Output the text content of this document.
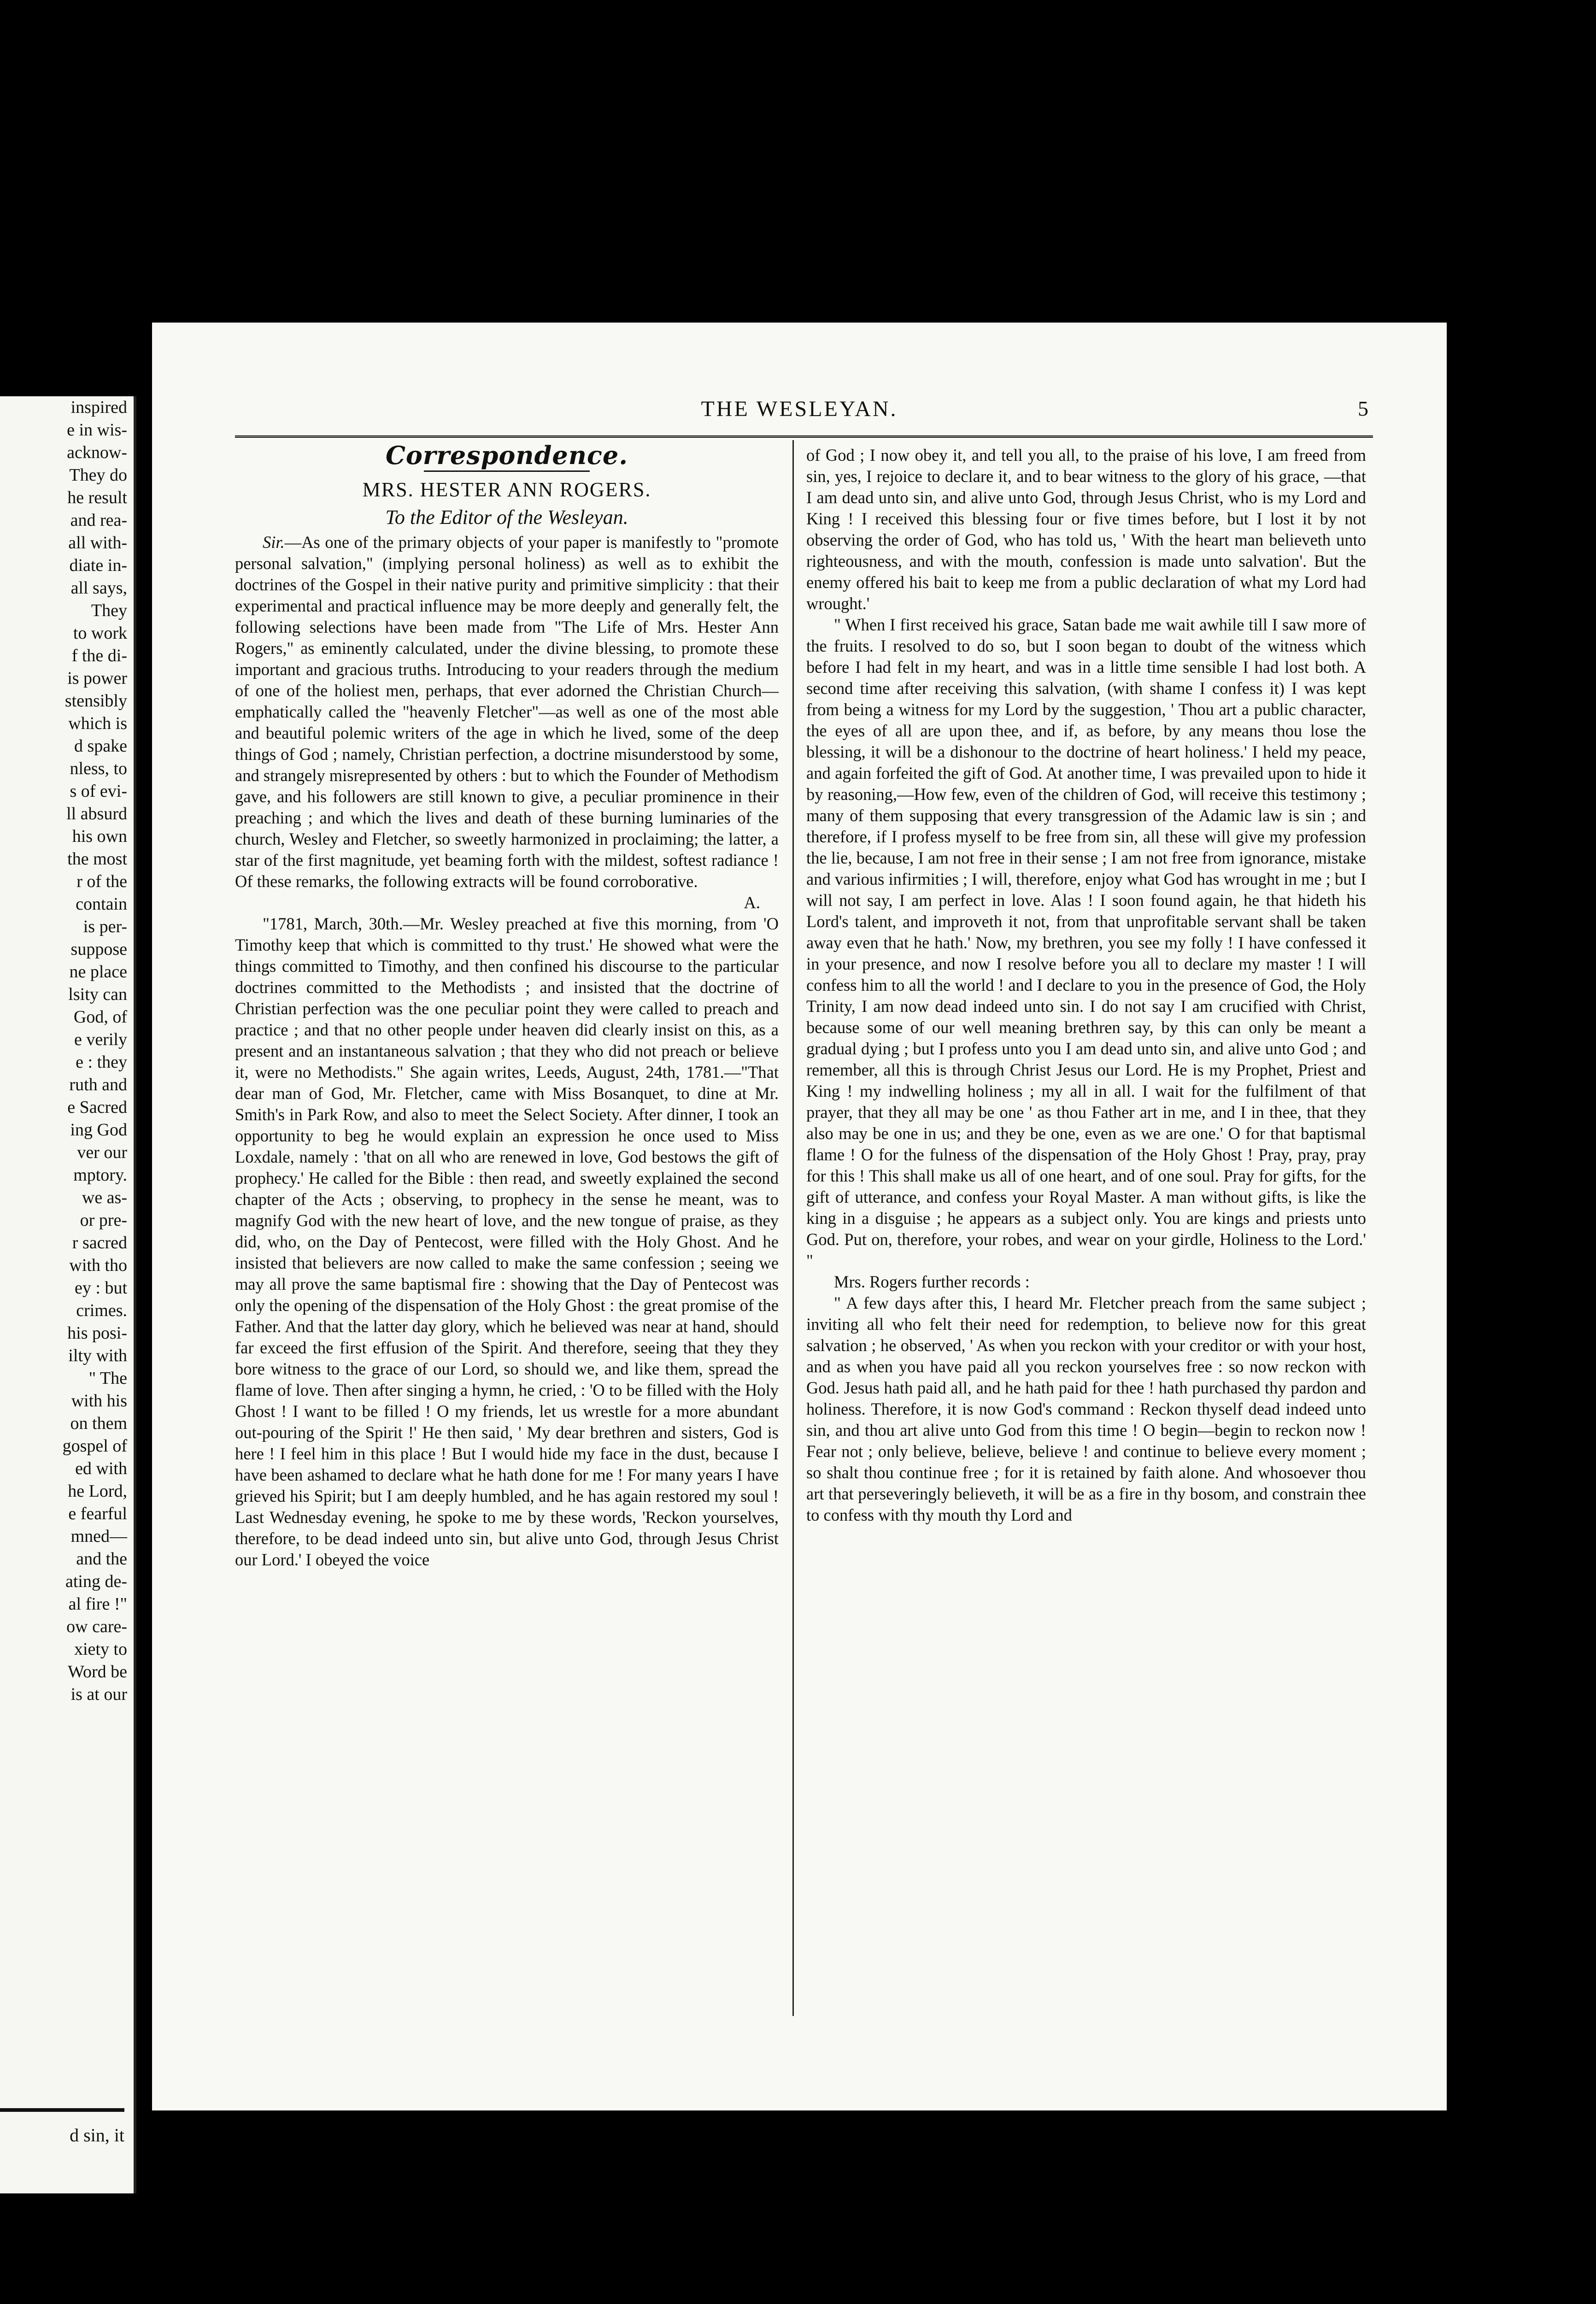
inspired
e in wis-
acknow-
They do
he result
and rea-
all with-
diate in-
all says,
They
to work
f the di-
is power
stensibly
which is
d spake
nless, to
s of evi-
ll absurd
his own
the most
r of the
contain
is per-
suppose
ne place
lsity can
God, of
e verily
e : they
ruth and
e Sacred
ing God
ver our
mptory.
we as-
or pre-
r sacred
with tho
ey : but
crimes.
his posi-
ilty with
" The
with his
on them
gospel of
ed with
he Lord,
e fearful
mned—
and the
ating de-
al fire !"
ow care-
xiety to
Word be
is at our
d sin, it
THE WESLEYAN.	5
Correspondence.
MRS. HESTER ANN ROGERS.
To the Editor of the Wesleyan.

Sir.—As one of the primary objects of your paper is manifestly to "promote personal salvation," (implying personal holiness) as well as to exhibit the doctrines of the Gospel in their native purity and primitive simplicity : that their experimental and practical influence may be more deeply and generally felt, the following selections have been made from "The Life of Mrs. Hester Ann Rogers," as eminently calculated, under the divine blessing, to promote these important and gracious truths. Introducing to your readers through the medium of one of the holiest men, perhaps, that ever adorned the Christian Church—emphatically called the "heavenly Fletcher"—as well as one of the most able and beautiful polemic writers of the age in which he lived, some of the deep things of God ; namely, Christian perfection, a doctrine misunderstood by some, and strangely misrepresented by others : but to which the Founder of Methodism gave, and his followers are still known to give, a peculiar prominence in their preaching ; and which the lives and death of these burning luminaries of the church, Wesley and Fletcher, so sweetly harmonized in proclaiming; the latter, a star of the first magnitude, yet beaming forth with the mildest, softest radiance ! Of these remarks, the following extracts will be found corroborative.

A.

"1781, March, 30th.—Mr. Wesley preached at five this morning, from 'O Timothy keep that which is committed to thy trust.' He showed what were the things committed to Timothy, and then confined his discourse to the particular doctrines committed to the Methodists ; and insisted that the doctrine of Christian perfection was the one peculiar point they were called to preach and practice ; and that no other people under heaven did clearly insist on this, as a present and an instantaneous salvation ; that they who did not preach or believe it, were no Methodists." She again writes, Leeds, August, 24th, 1781.—"That dear man of God, Mr. Fletcher, came with Miss Bosanquet, to dine at Mr. Smith's in Park Row, and also to meet the Select Society. After dinner, I took an opportunity to beg he would explain an expression he once used to Miss Loxdale, namely : 'that on all who are renewed in love, God bestows the gift of prophecy.' He called for the Bible : then read, and sweetly explained the second chapter of the Acts ; observing, to prophecy in the sense he meant, was to magnify God with the new heart of love, and the new tongue of praise, as they did, who, on the Day of Pentecost, were filled with the Holy Ghost. And he insisted that believers are now called to make the same confession ; seeing we may all prove the same baptismal fire : showing that the Day of Pentecost was only the opening of the dispensation of the Holy Ghost : the great promise of the Father. And that the latter day glory, which he believed was near at hand, should far exceed the first effusion of the Spirit. And therefore, seeing that they they bore witness to the grace of our Lord, so should we, and like them, spread the flame of love. Then after singing a hymn, he cried, : 'O to be filled with the Holy Ghost ! I want to be filled ! O my friends, let us wrestle for a more abundant out-pouring of the Spirit !' He then said, ' My dear brethren and sisters, God is here ! I feel him in this place ! But I would hide my face in the dust, because I have been ashamed to declare what he hath done for me ! For many years I have grieved his Spirit; but I am deeply humbled, and he has again restored my soul ! Last Wednesday evening, he spoke to me by these words, 'Reckon yourselves, therefore, to be dead indeed unto sin, but alive unto God, through Jesus Christ our Lord.' I obeyed the voice

of God ; I now obey it, and tell you all, to the praise of his love, I am freed from sin, yes, I rejoice to declare it, and to bear witness to the glory of his grace, —that I am dead unto sin, and alive unto God, through Jesus Christ, who is my Lord and King ! I received this blessing four or five times before, but I lost it by not observing the order of God, who has told us, ' With the heart man believeth unto righteousness, and with the mouth, confession is made unto salvation'. But the enemy offered his bait to keep me from a public declaration of what my Lord had wrought.'

" When I first received his grace, Satan bade me wait awhile till I saw more of the fruits. I resolved to do so, but I soon began to doubt of the witness which before I had felt in my heart, and was in a little time sensible I had lost both. A second time after receiving this salvation, (with shame I confess it) I was kept from being a witness for my Lord by the suggestion, ' Thou art a public character, the eyes of all are upon thee, and if, as before, by any means thou lose the blessing, it will be a dishonour to the doctrine of heart holiness.' I held my peace, and again forfeited the gift of God. At another time, I was prevailed upon to hide it by reasoning,—How few, even of the children of God, will receive this testimony ; many of them supposing that every transgression of the Adamic law is sin ; and therefore, if I profess myself to be free from sin, all these will give my profession the lie, because, I am not free in their sense ; I am not free from ignorance, mistake and various infirmities ; I will, therefore, enjoy what God has wrought in me ; but I will not say, I am perfect in love. Alas ! I soon found again, he that hideth his Lord's talent, and improveth it not, from that unprofitable servant shall be taken away even that he hath.' Now, my brethren, you see my folly ! I have confessed it in your presence, and now I resolve before you all to declare my master ! I will confess him to all the world ! and I declare to you in the presence of God, the Holy Trinity, I am now dead indeed unto sin. I do not say I am crucified with Christ, because some of our well meaning brethren say, by this can only be meant a gradual dying ; but I profess unto you I am dead unto sin, and alive unto God ; and remember, all this is through Christ Jesus our Lord. He is my Prophet, Priest and King ! my indwelling holiness ; my all in all. I wait for the fulfilment of that prayer, that they all may be one ' as thou Father art in me, and I in thee, that they also may be one in us; and they be one, even as we are one.' O for that baptismal flame ! O for the fulness of the dispensation of the Holy Ghost ! Pray, pray, pray for this ! This shall make us all of one heart, and of one soul. Pray for gifts, for the gift of utterance, and confess your Royal Master. A man without gifts, is like the king in a disguise ; he appears as a subject only. You are kings and priests unto God. Put on, therefore, your robes, and wear on your girdle, Holiness to the Lord.' "

Mrs. Rogers further records :

" A few days after this, I heard Mr. Fletcher preach from the same subject ; inviting all who felt their need for redemption, to believe now for this great salvation ; he observed, ' As when you reckon with your creditor or with your host, and as when you have paid all you reckon yourselves free : so now reckon with God. Jesus hath paid all, and he hath paid for thee ! hath purchased thy pardon and holiness. Therefore, it is now God's command : Reckon thyself dead indeed unto sin, and thou art alive unto God from this time ! O begin—begin to reckon now ! Fear not ; only believe, believe, believe ! and continue to believe every moment ; so shalt thou continue free ; for it is retained by faith alone. And whosoever thou art that perseveringly believeth, it will be as a fire in thy bosom, and constrain thee to confess with thy mouth thy Lord and
